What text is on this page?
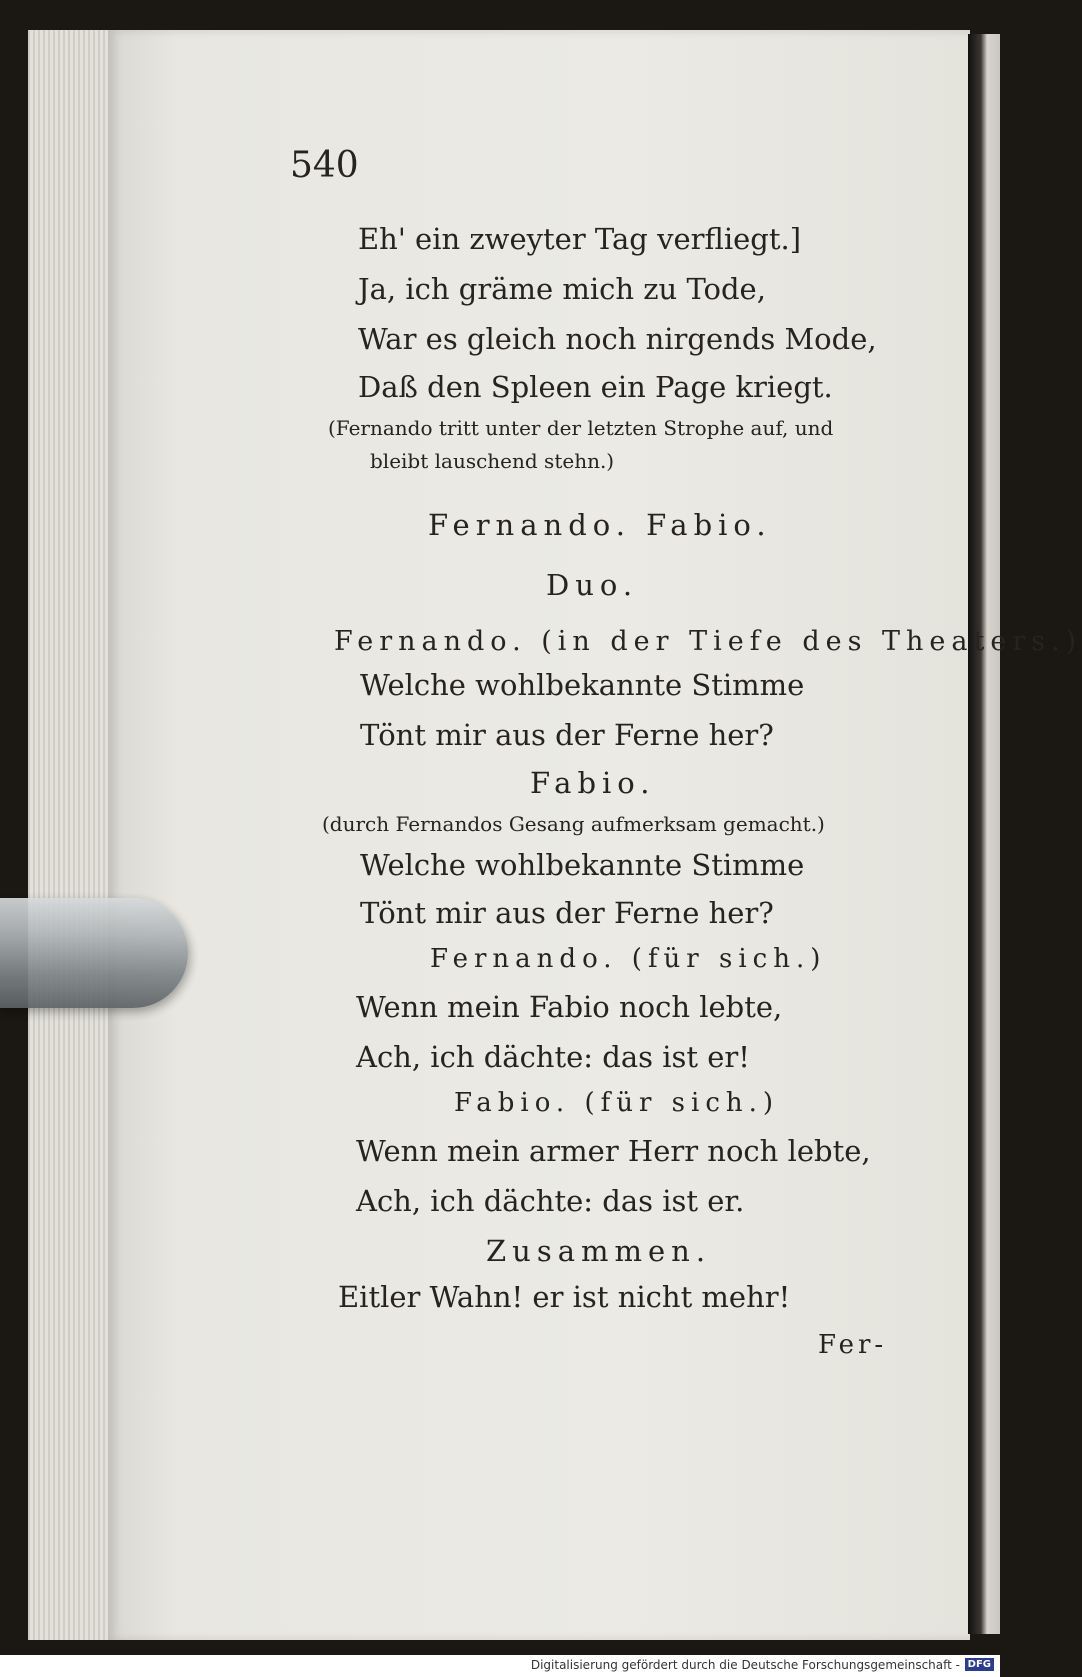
540
Eh' ein zweyter Tag verfliegt.]
Ja, ich gräme mich zu Tode,
War es gleich noch nirgends Mode,
Daß den Spleen ein Page kriegt.
(Fernando tritt unter der letzten Strophe auf, und
bleibt lauschend stehn.)
Fernando. Fabio.
Duo.
Fernando. (in der Tiefe des Theaters.)
Welche wohlbekannte Stimme
Tönt mir aus der Ferne her?
Fabio.
(durch Fernandos Gesang aufmerksam gemacht.)
Welche wohlbekannte Stimme
Tönt mir aus der Ferne her?
Fernando. (für sich.)
Wenn mein Fabio noch lebte,
Ach, ich dächte: das ist er!
Fabio. (für sich.)
Wenn mein armer Herr noch lebte,
Ach, ich dächte: das ist er.
Zusammen.
Eitler Wahn! er ist nicht mehr!
Fer-
Digitalisierung gefördert durch die Deutsche Forschungsgemeinschaft - DFG
